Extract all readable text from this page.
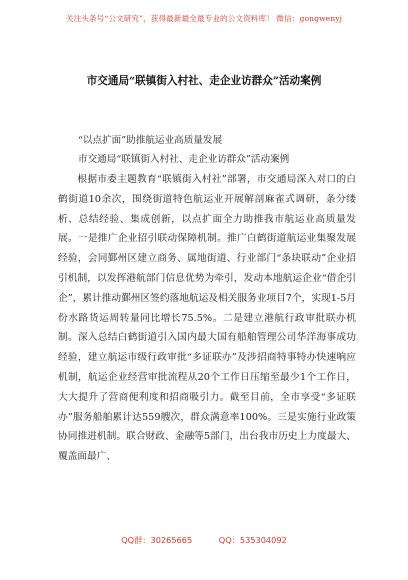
关注头条号“公文研究”，获得最新最全最专业的公文资料库！ 微信：gongwenyj
市交通局“联镇街入村社、走企业访群众”活动案例
“以点扩面”助推航运业高质量发展
市交通局“联镇街入村社、走企业访群众”活动案例

根据市委主题教育“联镇街入村社”部署，市交通局深入对口的白鹤街道10余次，围绕街道特色航运业开展解剖麻雀式调研，条分缕析、总结经验、集成创新，以点扩面全力助推我市航运业高质量发展。一是推广企业招引联动保障机制。推广白鹤街道航运业集聚发展经验，会同鄞州区建立商务、属地街道、行业部门“条块联动”企业招引机制，以发挥港航部门信息优势为牵引，发动本地航运企业“借企引企”，累计推动鄞州区签约落地航运及相关服务业项目7个，实现1-5月份水路货运周转量同比增长75.5%。二是建立港航行政审批联办机制。深入总结白鹤街道引入国内最大国有船舶管理公司华洋海事成功经验，建立航运市级行政审批“多证联办”及涉招商特事特办快速响应机制，航运企业经营审批流程从20个工作日压缩至最少1个工作日，大大提升了营商便利度和招商吸引力。截至目前，全市享受“多证联办”服务船舶累计达559艘次，群众满意率100%。三是实施行业政策协同推进机制。联合财政、金融等5部门，出台我市历史上力度最大、覆盖面最广、

QQ群：30265665	QQ：535304092
